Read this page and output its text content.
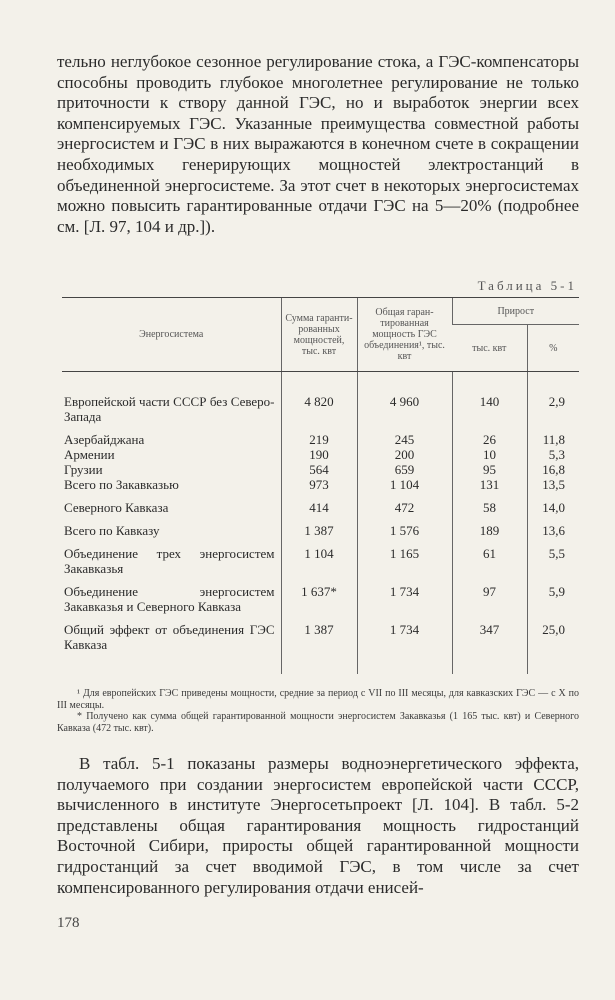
тельно неглубокое сезонное регулирование стока, а ГЭС-компенсаторы способны проводить глубокое многолетнее регулирование не только приточности к створу данной ГЭС, но и выработок энергии всех компенсируемых ГЭС. Указанные преимущества совместной работы энергосистем и ГЭС в них выражаются в конечном счете в сокращении необходимых генерирующих мощностей электростанций в объединенной энергосистеме. За этот счет в некоторых энергосистемах можно повысить гарантированные отдачи ГЭС на 5—20% (подробнее см. [Л. 97, 104 и др.]).

Таблица 5-1
Энергосистема	Сумма гаранти-рованных мощностей, тыс. квт	Общая гаран-тированная мощность ГЭС объединения¹, тыс. квт	Прирост	
			тыс. квт	%
Европейской части СССР без Северо-Запада	4 820	4 960	140	2,9
Азербайджана	219	245	26	11,8
Армении	190	200	10	5,3
Грузии	564	659	95	16,8
Всего по Закавказью	973	1 104	131	13,5
Северного Кавказа	414	472	58	14,0
Всего по Кавказу	1 387	1 576	189	13,6
Объединение трех энергосистем Закавказья	1 104	1 165	61	5,5
Объединение энергосистем Закавказья и Северного Кавказа	1 637*	1 734	97	5,9
Общий эффект от объединения ГЭС Кавказа	1 387	1 734	347	25,0

¹ Для европейских ГЭС приведены мощности, средние за период с VII по III месяцы, для кавказских ГЭС — с X по III месяцы.

* Получено как сумма общей гарантированной мощности энергосистем Закавказья (1 165 тыс. квт) и Северного Кавказа (472 тыс. квт).

В табл. 5-1 показаны размеры водноэнергетического эффекта, получаемого при создании энергосистем европейской части СССР, вычисленного в институте Энергосетьпроект [Л. 104]. В табл. 5-2 представлены общая гарантирования мощность гидростанций Восточной Сибири, приросты общей гарантированной мощности гидростанций за счет вводимой ГЭС, в том числе за счет компенсированного регулирования отдачи енисей-

178
